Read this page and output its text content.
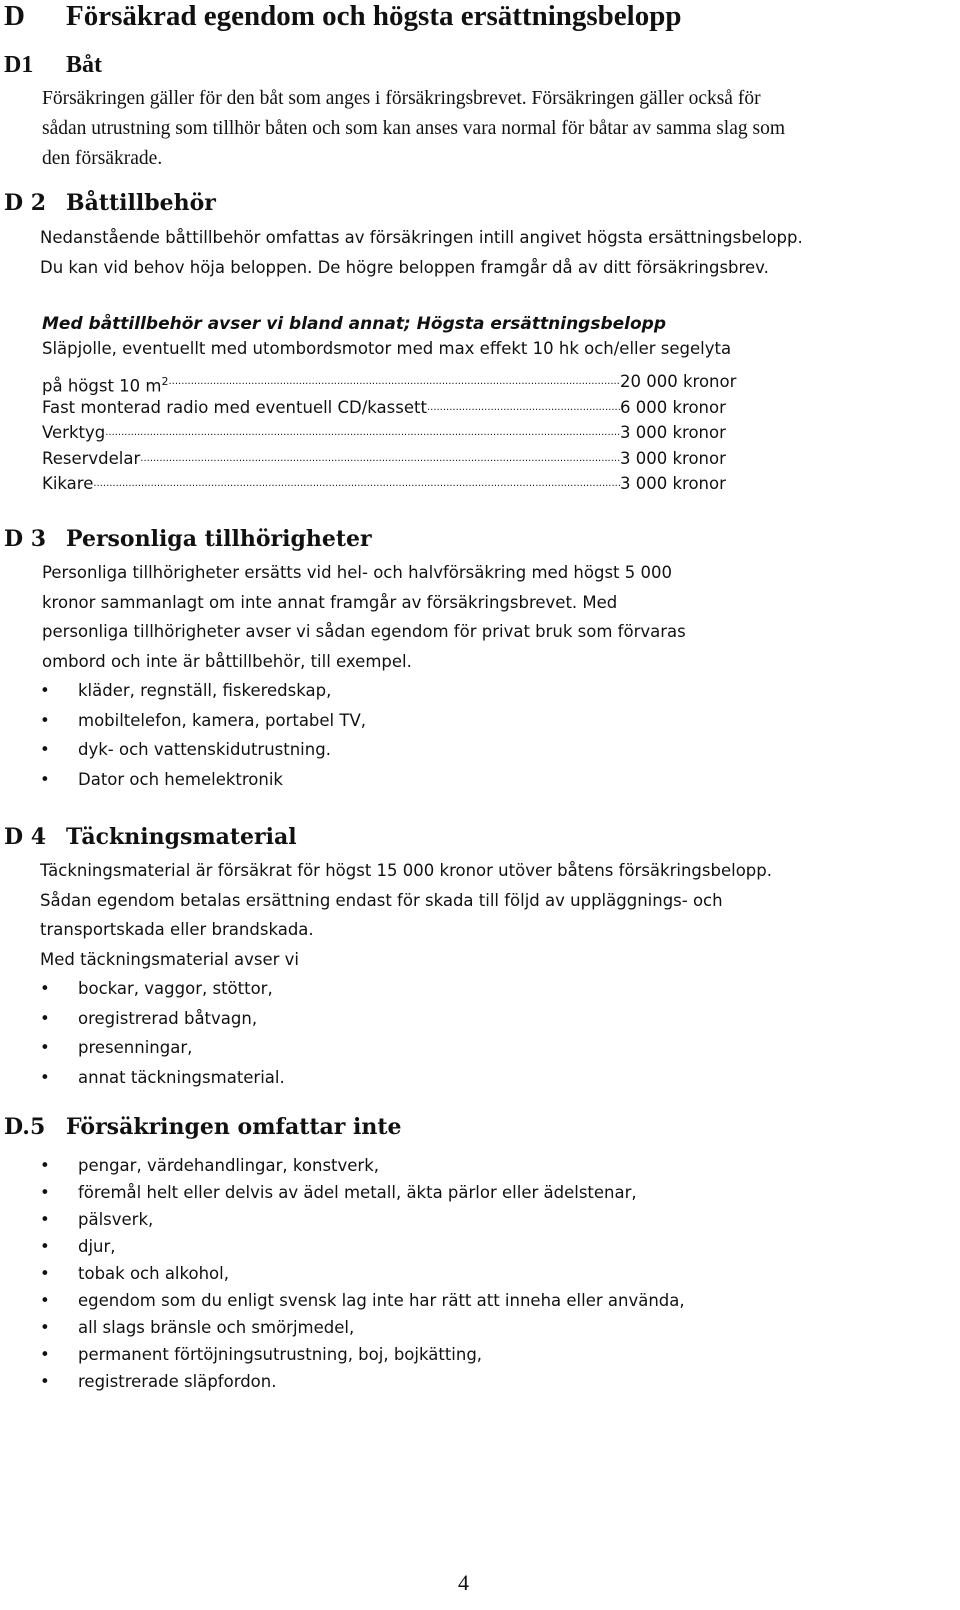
D Försäkrad egendom och högsta ersättningsbelopp
D1 Båt
Försäkringen gäller för den båt som anges i försäkringsbrevet. Försäkringen gäller också för
sådan utrustning som tillhör båten och som kan anses vara normal för båtar av samma slag som
den försäkrade.
D 2 Båttillbehör
Nedanstående båttillbehör omfattas av försäkringen intill angivet högsta ersättningsbelopp.
Du kan vid behov höja beloppen. De högre beloppen framgår då av ditt försäkringsbrev.
Med båttillbehör avser vi bland annat; Högsta ersättningsbelopp
Släpjolle, eventuellt med utombordsmotor med max effekt 10 hk och/eller segelyta
på högst 10 $m^2$ .....	20 000 kronor
Fast monterad radio med eventuell CD/kassett .....	6 000 kronor
Verktyg .....	3 000 kronor
Reservdelar .....	3 000 kronor
Kikare .....	3 000 kronor
D 3 Personliga tillhörigheter
Personliga tillhörigheter ersätts vid hel- och halvförsäkring med högst 5 000
kronor sammanlagt om inte annat framgår av försäkringsbrevet. Med
personliga tillhörigheter avser vi sådan egendom för privat bruk som förvaras
ombord och inte är båttillbehör, till exempel.
• kläder, regnställ, fiskeredskap,
• mobiltelefon, kamera, portabel TV,
• dyk- och vattenskidutrustning.
• Dator och hemelektronik
D 4 Täckningsmaterial
Täckningsmaterial är försäkrat för högst 15 000 kronor utöver båtens försäkringsbelopp.
Sådan egendom betalas ersättning endast för skada till följd av uppläggnings- och
transportskada eller brandskada.
Med täckningsmaterial avser vi
• bockar, vaggor, stöttor,
• oregistrerad båtvagn,
• presenningar,
• annat täckningsmaterial.
D.5 Försäkringen omfattar inte
• pengar, värdehandlingar, konstverk,
• föremål helt eller delvis av ädel metall, äkta pärlor eller ädelstenar,
• pälsverk,
• djur,
• tobak och alkohol,
• egendom som du enligt svensk lag inte har rätt att inneha eller använda,
• all slags bränsle och smörjmedel,
• permanent förtöjningsutrustning, boj, bojkätting,
• registrerade släpfordon.
4
